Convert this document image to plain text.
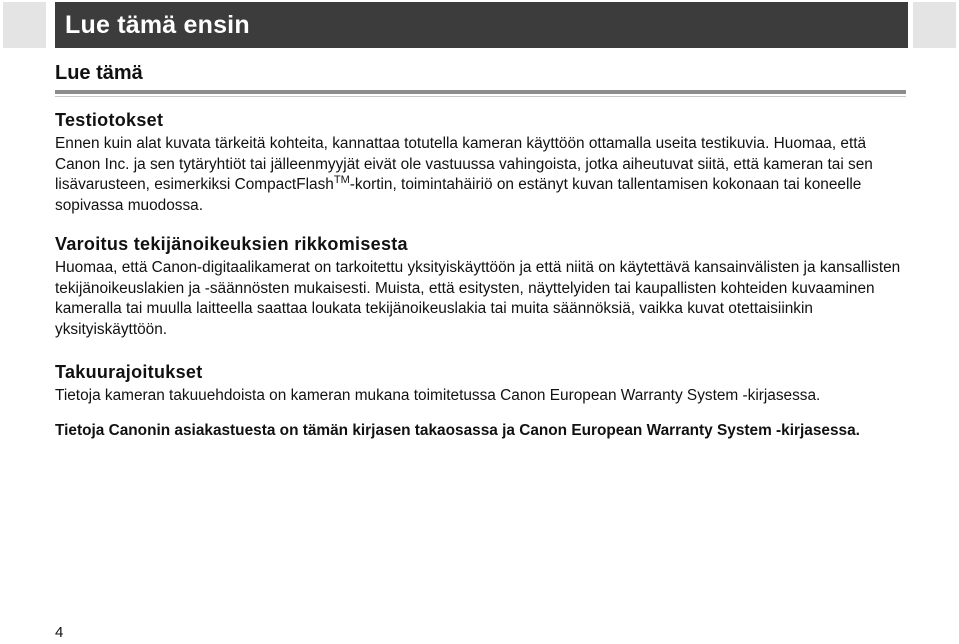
Lue tämä ensin
Lue tämä
Testiotokset

Ennen kuin alat kuvata tärkeitä kohteita, kannattaa totutella kameran käyttöön ottamalla useita testikuvia. Huomaa, että Canon Inc. ja sen tytäryhtiöt tai jälleenmyyjät eivät ole vastuussa vahingoista, jotka aiheutuvat siitä, että kameran tai sen lisävarusteen, esimerkiksi CompactFlash™-kortin, toimintahäiriö on estänyt kuvan tallentamisen kokonaan tai koneelle sopivassa muodossa.

Varoitus tekijänoikeuksien rikkomisesta

Huomaa, että Canon-digitaalikamerat on tarkoitettu yksityiskäyttöön ja että niitä on käytettävä kansainvälisten ja kansallisten tekijänoikeuslakien ja -säännösten mukaisesti. Muista, että esitysten, näyttelyiden tai kaupallisten kohteiden kuvaaminen kameralla tai muulla laitteella saattaa loukata tekijänoikeuslakia tai muita säännöksiä, vaikka kuvat otettaisiinkin yksityiskäyttöön.

Takuurajoitukset

Tietoja kameran takuuehdoista on kameran mukana toimitetussa Canon European Warranty System -kirjasessa.

Tietoja Canonin asiakastuesta on tämän kirjasen takaosassa ja Canon European Warranty System -kirjasessa.

4
